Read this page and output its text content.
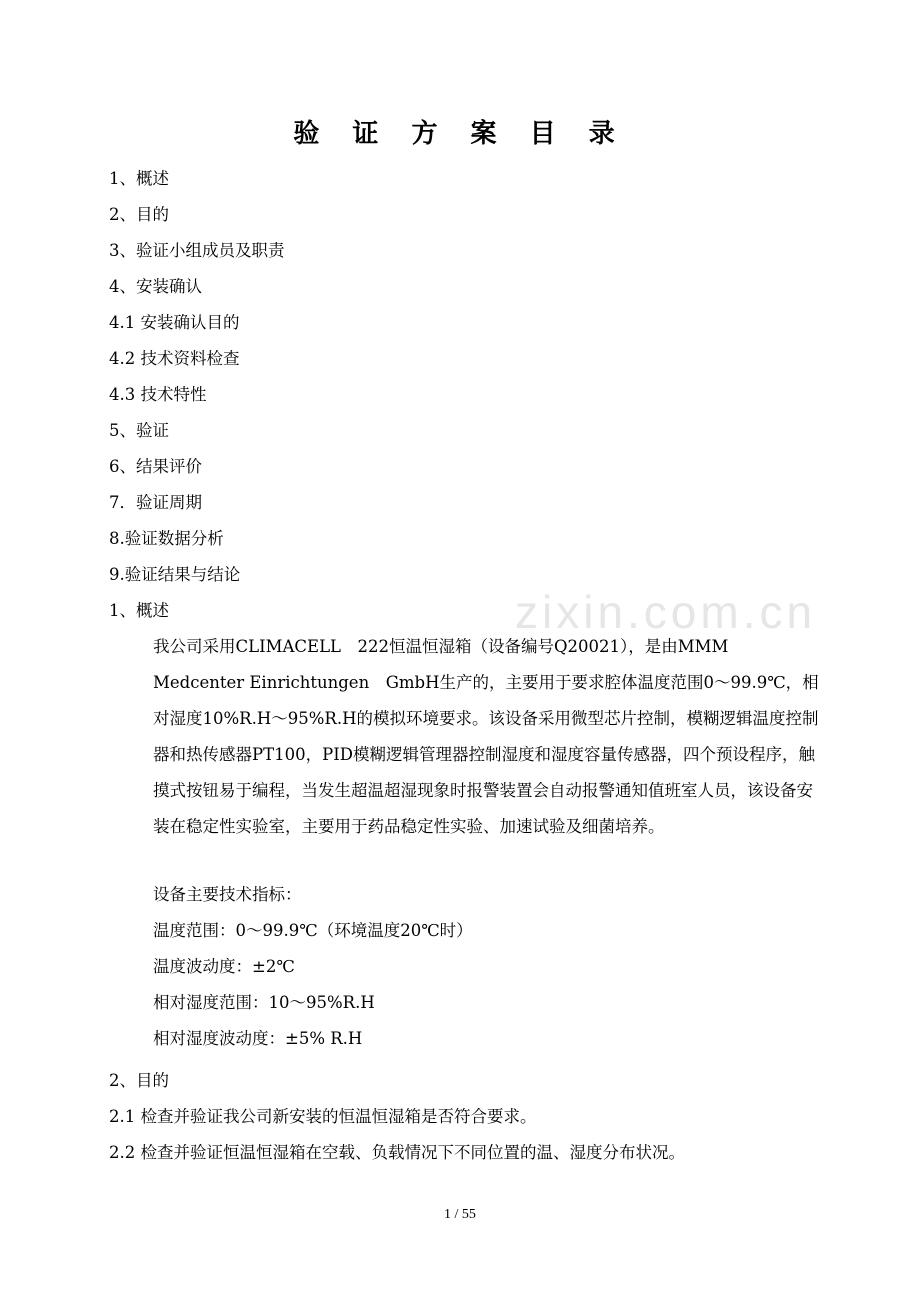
验 证 方 案 目 录
1、概述
2、目的
3、验证小组成员及职责
4、安装确认
4.1 安装确认目的
4.2 技术资料检查
4.3 技术特性
5、验证
6、结果评价
7．验证周期
8.验证数据分析
9.验证结果与结论
zixin.com.cn
1、概述
我公司采用CLIMACELL　222恒温恒湿箱（设备编号Q20021），是由MMM Medcenter Einrichtungen　GmbH生产的，主要用于要求腔体温度范围0～99.9℃，相对湿度10%R.H～95%R.H的模拟环境要求。该设备采用微型芯片控制，模糊逻辑温度控制器和热传感器PT100，PID模糊逻辑管理器控制湿度和湿度容量传感器，四个预设程序，触摸式按钮易于编程，当发生超温超湿现象时报警装置会自动报警通知值班室人员，该设备安装在稳定性实验室，主要用于药品稳定性实验、加速试验及细菌培养。
设备主要技术指标：
温度范围：0～99.9℃（环境温度20℃时）
温度波动度：±2℃
相对湿度范围：10～95%R.H
相对湿度波动度：±5% R.H
2、目的
2.1 检查并验证我公司新安装的恒温恒湿箱是否符合要求。
2.2 检查并验证恒温恒湿箱在空载、负载情况下不同位置的温、湿度分布状况。
1 / 55
